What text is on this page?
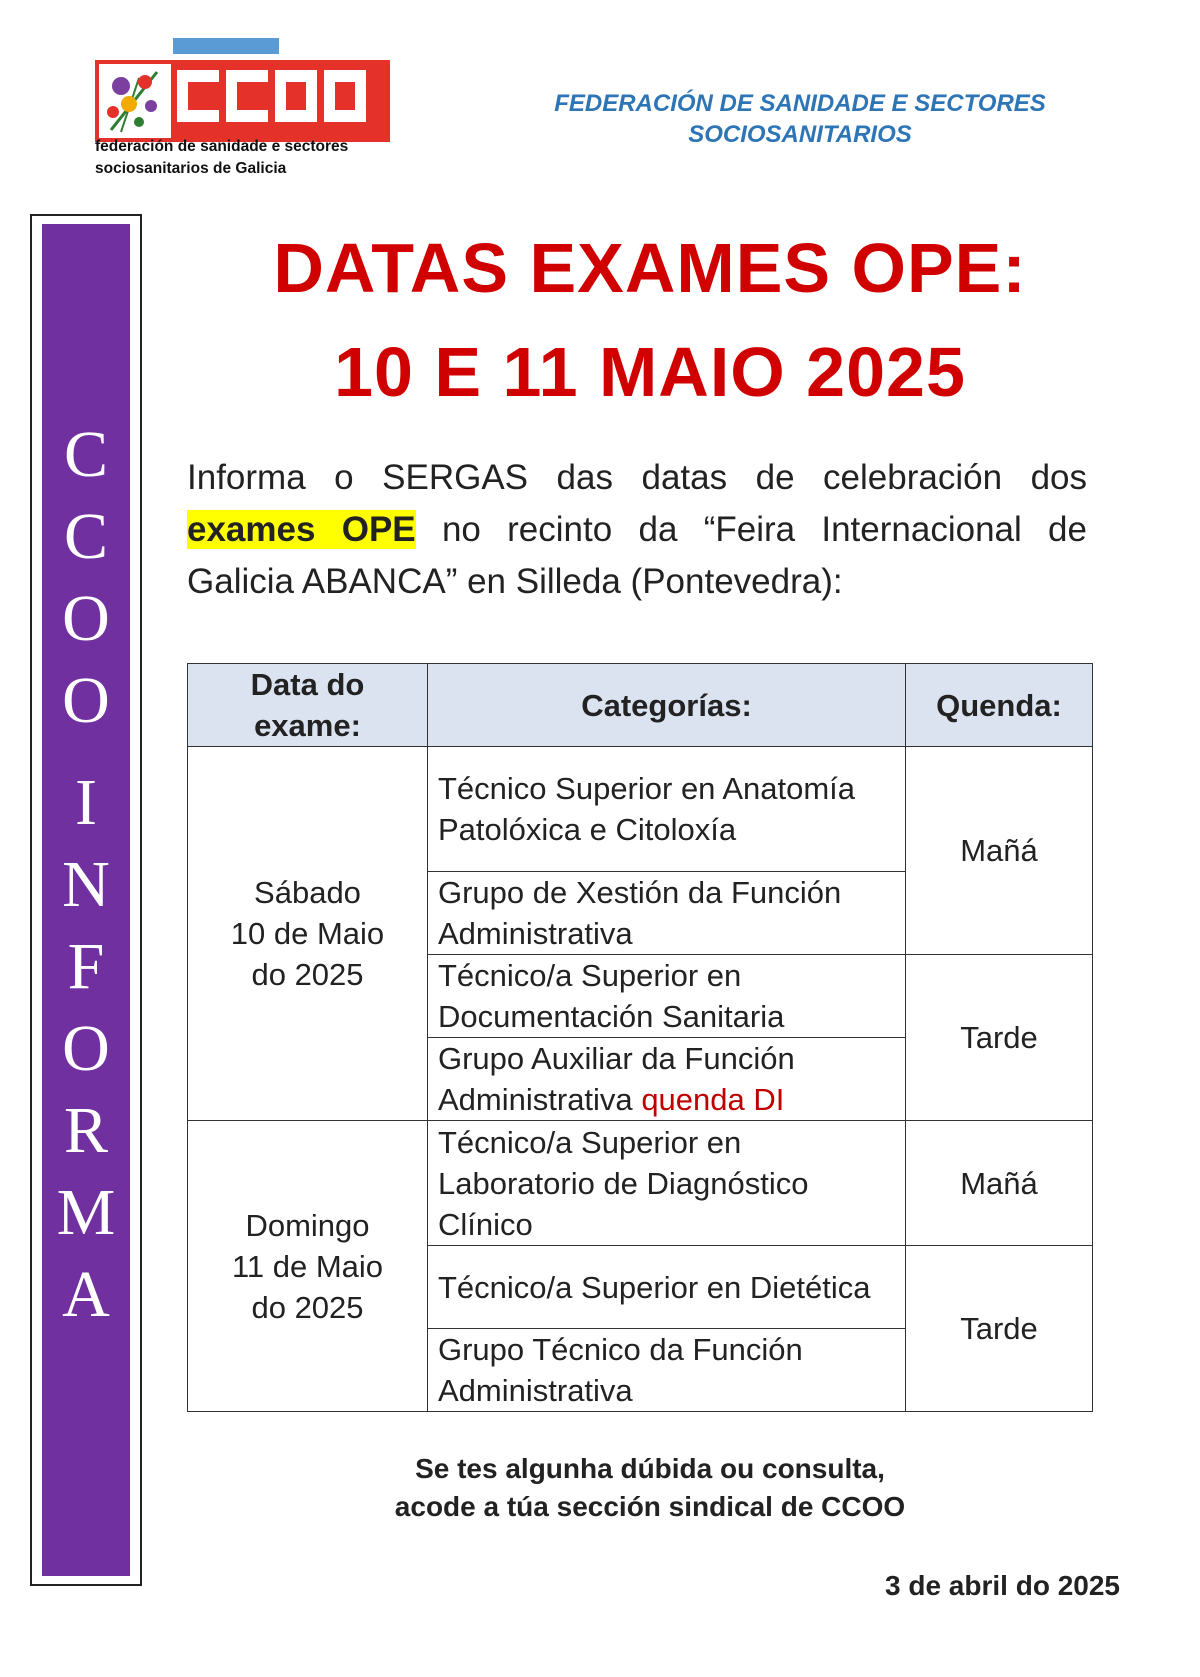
federación de sanidade e sectores
sociosanitarios de Galicia
FEDERACIÓN DE SANIDADE E SECTORES
SOCIOSANITARIOS
C
C
O
O
I
N
F
O
R
M
A
DATAS EXAMES OPE:
10 E 11 MAIO 2025
Informa o SERGAS das datas de celebración dos exames OPE no recinto da “Feira Internacional de Galicia ABANCA” en Silleda (Pontevedra):
Data do
exame:	Categorías:	Quenda:

Sábado
10 de Maio
do 2025	Técnico Superior en Anatomía Patolóxica e Citoloxía	Mañá
	Grupo de Xestión da Función Administrativa	
	Técnico/a Superior en Documentación Sanitaria	Tarde
	Grupo Auxiliar da Función Administrativa quenda DI	

Domingo
11 de Maio
do 2025	Técnico/a Superior en Laboratorio de Diagnóstico Clínico	Mañá
	Técnico/a Superior en Dietética	Tarde
	Grupo Técnico da Función Administrativa	
Se tes algunha dúbida ou consulta,
acode a túa sección sindical de CCOO
3 de abril do 2025
